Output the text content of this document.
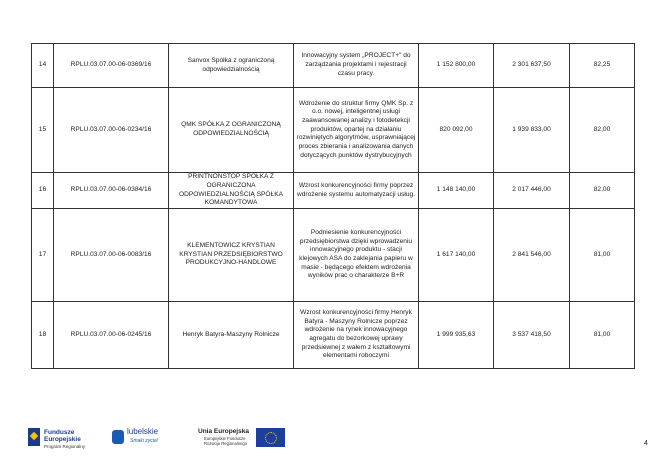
14	RPLU.03.07.00-06-0369/16	Sanvox Spółka z ograniczoną odpowiedzialnością	Innowacyjny system „PROJECT+" do zarządzania projektami i rejestracji czasu pracy.	1 152 800,00	2 301 637,50	82,25
15	RPLU.03.07.00-06-0234/16	QMK SPÓŁKA Z OGRANICZONĄ ODPOWIEDZIALNOŚCIĄ	Wdrożenie do struktur firmy QMK Sp. z o.o. nowej, inteligentnej usługi zaawansowanej analizy i fotodetekcji produktów, opartej na działaniu rozwiniętych algorytmów, usprawniającej proces zbierania i analizowania danych dotyczących punktów dystrybucyjnych	820 092,00	1 939 833,00	82,00
16	RPLU.03.07.00-06-0384/16	PRINTNONSTOP SPÓŁKA Z OGRANICZONA ODPOWIEDZIALNOŚCIĄ SPÓŁKA KOMANDYTOWA	Wzrost konkurencyjności firmy poprzez wdrożenie systemu automatyzacji usług.	1 148 140,00	2 017 446,00	82,00
17	RPLU.03.07.00-06-0083/16	KLEMENTOWICZ KRYSTIAN KRYSTIAN PRZEDSIĘBIORSTWO PRODUKCYJNO-HANDLOWE	Podniesienie konkurencyjności przedsiębiorstwa dzięki wprowadzeniu innowacyjnego produktu - stacji klejowych ASA do zaklejania papieru w masie - będącego efektem wdrożenia wyników prac o charakterze B+R	1 617 140,00	2 841 546,00	81,00
18	RPLU.03.07.00-06-0245/16	Henryk Batyra-Maszyny Rolnicze	Wzrost konkurencyjności firmy Henryk Batyra - Maszyny Rolnicze poprzez wdrożenie na rynek innowacyjnego agregatu do bezorkowej uprawy przedsiewnej z wałem z kształtowymi elementami roboczymi	1 999 935,63	3 537 418,50	81,00
Fundusze
Europejskie
Program Regionalny
lubelskie
Smaki życia!
Unia Europejska
Europejskie Fundusze
Rozwoju Regionalnego	4
